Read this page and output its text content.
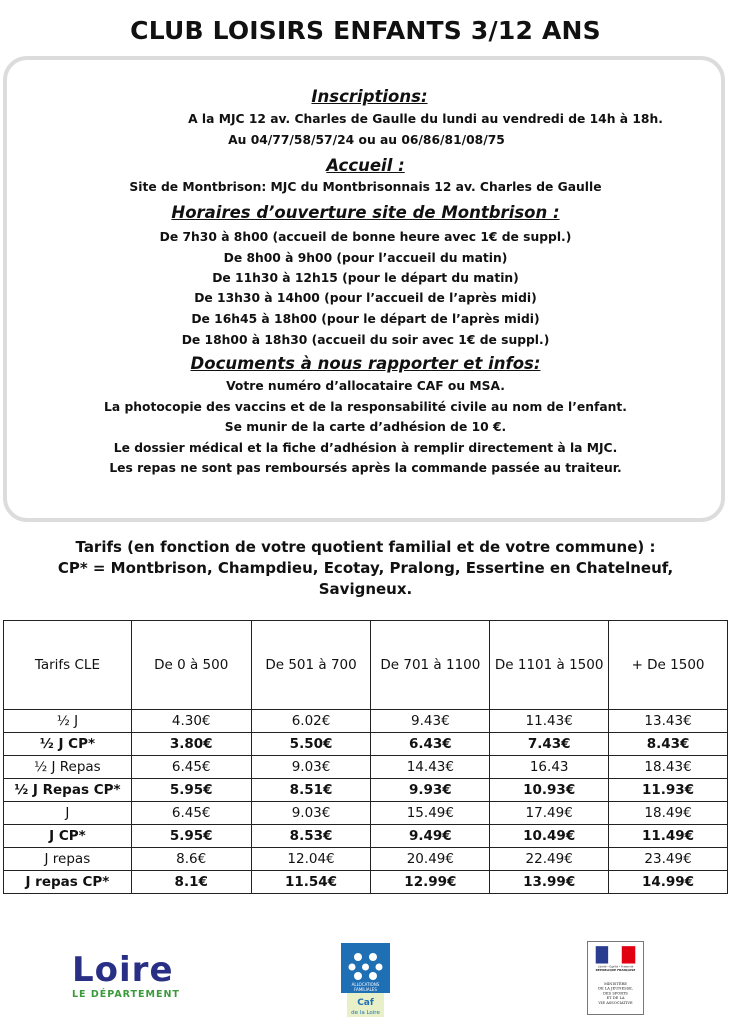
CLUB LOISIRS ENFANTS 3/12 ANS
Inscriptions:
A la MJC 12 av. Charles de Gaulle du lundi au vendredi de 14h à 18h.
Au 04/77/58/57/24 ou au 06/86/81/08/75
Accueil :
Site de Montbrison: MJC du Montbrisonnais 12 av. Charles de Gaulle
Horaires d’ouverture site de Montbrison :
De 7h30 à 8h00 (accueil de bonne heure avec 1€ de suppl.)
De 8h00 à 9h00 (pour l’accueil du matin)
De 11h30 à 12h15 (pour le départ du matin)
De 13h30 à 14h00 (pour l’accueil de l’après midi)
De 16h45 à 18h00 (pour le départ de l’après midi)
De 18h00 à 18h30 (accueil du soir avec 1€ de suppl.)
Documents à nous rapporter et infos:
Votre numéro d’allocataire CAF ou MSA.
La photocopie des vaccins et de la responsabilité civile au nom de l’enfant.
Se munir de la carte d’adhésion de 10 €.
Le dossier médical et la fiche d’adhésion à remplir directement à la MJC.
Les repas ne sont pas remboursés après la commande passée au traiteur.
Tarifs (en fonction de votre quotient familial et de votre commune) :
CP* = Montbrison, Champdieu, Ecotay, Pralong, Essertine en Chatelneuf,
Savigneux.
Tarifs CLE	De 0 à 500	De 501 à 700	De 701 à 1100	De 1101 à 1500	+ De 1500
½ J	4.30€	6.02€	9.43€	11.43€	13.43€
½ J CP*	3.80€	5.50€	6.43€	7.43€	8.43€
½ J Repas	6.45€	9.03€	14.43€	16.43	18.43€
½ J Repas CP*	5.95€	8.51€	9.93€	10.93€	11.93€
J	6.45€	9.03€	15.49€	17.49€	18.49€
J CP*	5.95€	8.53€	9.49€	10.49€	11.49€
J repas	8.6€	12.04€	20.49€	22.49€	23.49€
J repas CP*	8.1€	11.54€	12.99€	13.99€	14.99€
Loire
LE DÉPARTEMENT
ALLOCATIONS
FAMILIALES
Caf
de la Loire
Liberté • Égalité • Fraternité
RÉPUBLIQUE FRANÇAISE
MINISTÈRE
DE LA JEUNESSE,
DES SPORTS
ET DE LA
VIE ASSOCIATIVE
